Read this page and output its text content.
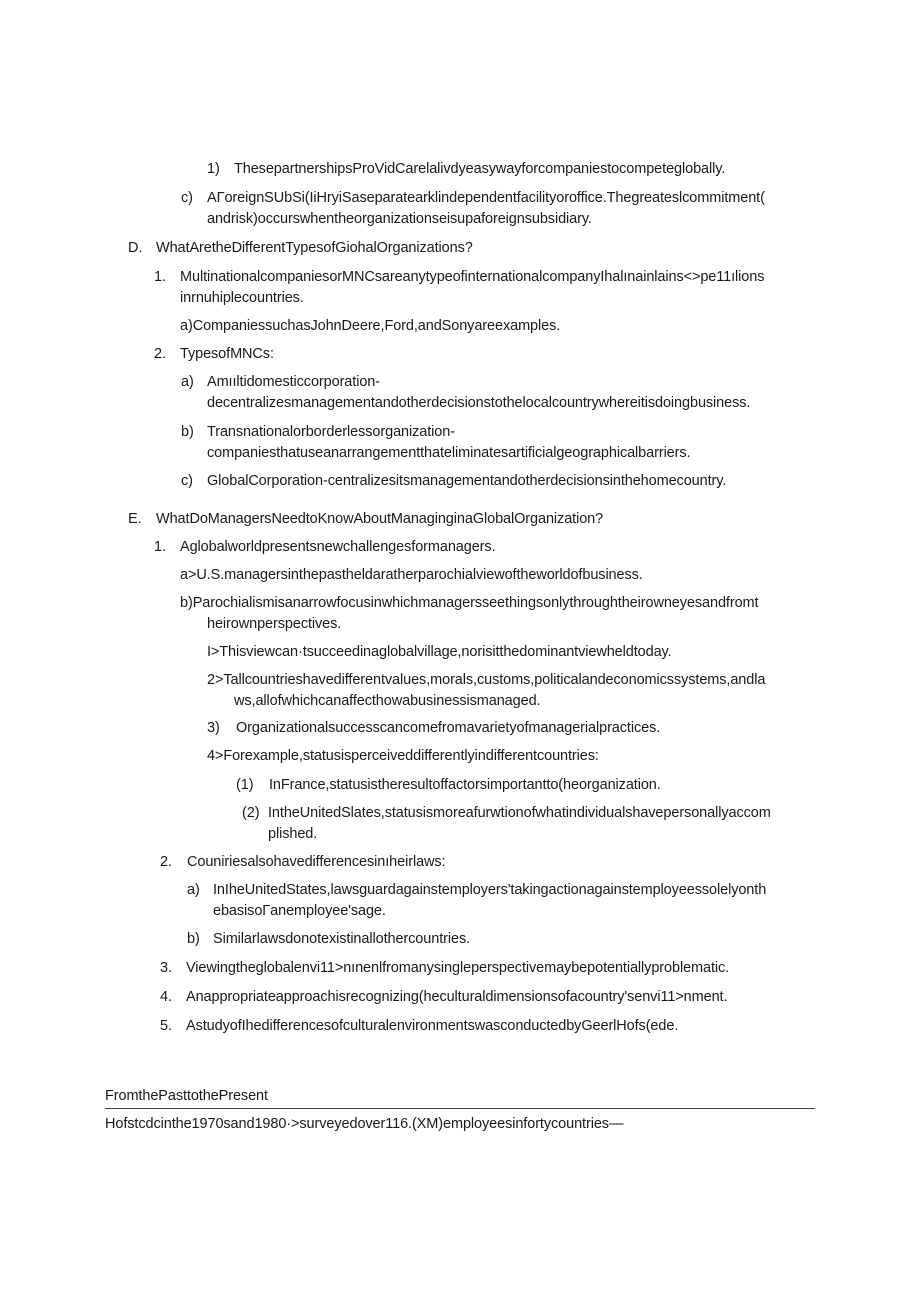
1) ThesepartnershipsProVidCarelalivdyeasywayforcompaniestocompeteglobally.
c) AΓoreignSUbSi(IiHryiSaseparatearklindependentfacilityoroffice.Thegreateslcommitment(
andrisk)occurswhentheorganizationseisupaforeignsubsidiary.
D. WhatAretheDifferentTypesofGiohalOrganizations?
1. MultinationalcompaniesorMNCsareanytypeofinternationalcompanyIhalınainlains<>pe11ılions
inrnuhiplecountries.
a)CompaniessuchasJohnDeere,Ford,andSonyareexamples.
2. TypesofMNCs:
a) Amııltidomesticcorporation-
decentralizesmanagementandotherdecisionstothelocalcountrywhereitisdoingbusiness.
b) Transnationalorborderlessorganization-
companiesthatuseanarrangementthateliminatesartificialgeographicalbarriers.
c) GlobalCorporation-centralizesitsmanagementandotherdecisionsinthehomecountry.
E. WhatDoManagersNeedtoKnowAboutManaginginaGlobalOrganization?
1. Aglobalworldpresentsnewchallengesformanagers.
a>U.S.managersinthepastheldaratherparochialviewoftheworldofbusiness.
b)Parochialismisanarrowfocusinwhichmanagersseethingsonlythroughtheirowneyesandfromt
heirownperspectives.
I>Thisviewcan·tsucceedinaglobalvillage,norisitthedominantviewheldtoday.
2>Tallcountrieshavedifferentvalues,morals,customs,politicalandeconomicssystems,andla
ws,allofwhichcanaffecthowabusinessismanaged.
3) Organizationalsuccesscancomefromavarietyofmanagerialpractices.
4>Forexample,statusisperceiveddifferentlyindifferentcountries:
(1) InFrance,statusistheresultoffactorsimportantto(heorganization.
(2) IntheUnitedSlates,statusismoreafurwtionofwhatindividualshavepersonallyaccom
plished.
2. Couniriesalsohavedifferencesinıheirlaws:
a) InIheUnitedStates,lawsguardagainstemployers'takingactionagainstemployeessolelyonth
ebasisoΓanemployee'sage.
b) Similarlawsdonotexistinallothercountries.
3. Viewingtheglobalenvi11>nınenlfromanysingleperspectivemaybepotentiallyproblematic.
4. Anappropriateapproachisrecognizing(heculturaldimensionsofacountry'senvi11>nment.
5. AstudyofIhedifferencesofculturalenvironmentswasconductedbyGeerlHofs(ede.
FromthePasttothePresent
Hofstcdcinthe1970sand1980·>surveyedover116.(XM)employeesinfortycountries—
